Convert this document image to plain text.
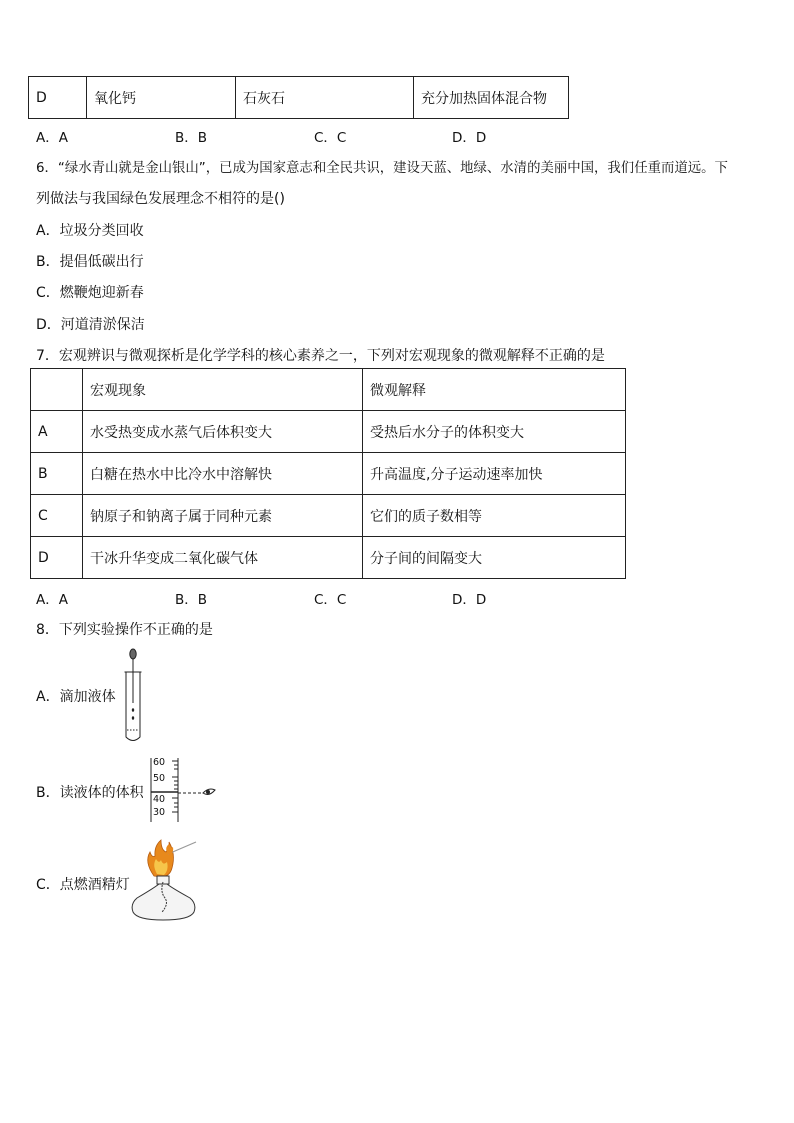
D	氧化钙	石灰石	充分加热固体混合物
A．A	B．B	C．C	D．D
6．“绿水青山就是金山银山”，已成为国家意志和全民共识，建设天蓝、地绿、水清的美丽中国，我们任重而道远。下
列做法与我国绿色发展理念不相符的是()
A．垃圾分类回收
B．提倡低碳出行
C．燃鞭炮迎新春
D．河道清淤保洁
7．宏观辨识与微观探析是化学学科的核心素养之一，下列对宏观现象的微观解释不正确的是
	宏观现象	微观解释
A	水受热变成水蒸气后体积变大	受热后水分子的体积变大
B	白糖在热水中比冷水中溶解快	升高温度,分子运动速率加快
C	钠原子和钠离子属于同种元素	它们的质子数相等
D	干冰升华变成二氧化碳气体	分子间的间隔变大
A．A	B．B	C．C	D．D
8．下列实验操作不正确的是
A．滴加液体
B．读液体的体积
60
50
40
30
C．点燃酒精灯
